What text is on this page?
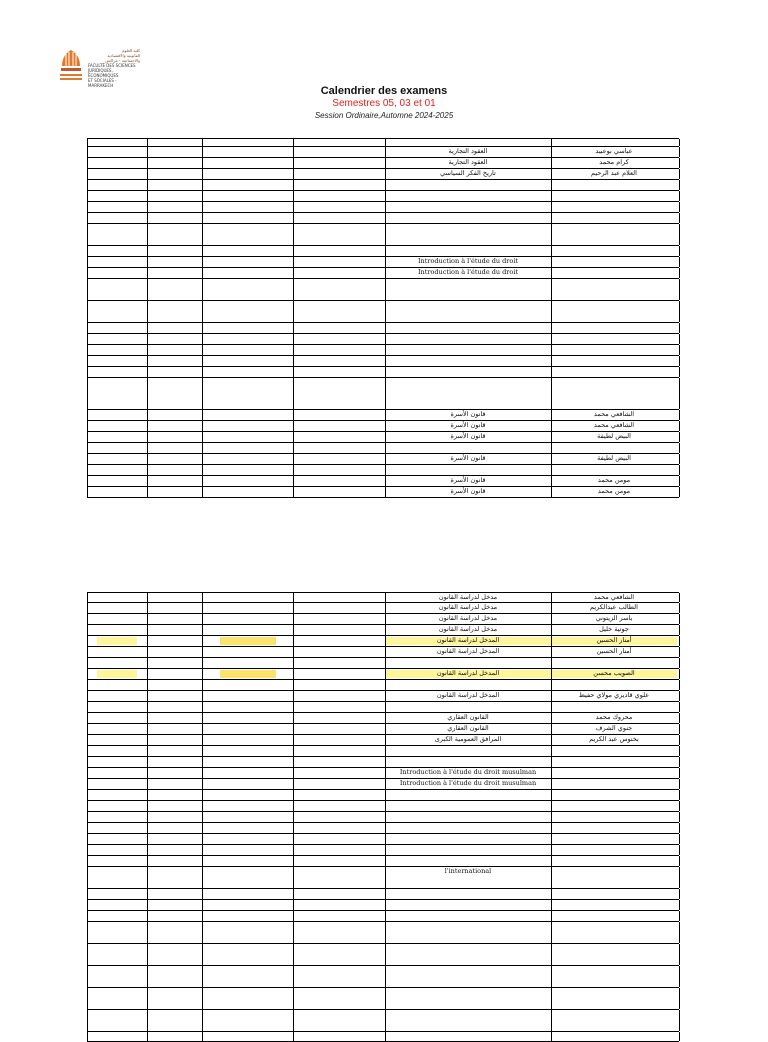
كلية العلوم
القانونية والاقتصادية
والاجتماعية - مراكش
FACULTÉ DES SCIENCES
JURIDIQUES, ÉCONOMIQUES
ET SOCIALES - MARRAKECH	Calendrier des examens
Semestres 05, 03 et 01
Session Ordinaire,Automne 2024-2025
العقود التجارية	عباسي بوعبيد
العقود التجارية	كرام محمد
تاريخ الفكر السياسي	العلام عبد الرحيم
Introduction à l'étude du droit
Introduction à l'étude du droit
قانون الأسرة	الشافعي محمد
قانون الأسرة	الشافعي محمد
قانون الأسرة	البيض لطيفة
قانون الأسرة	البيض لطيفة
قانون الأسرة	مومن محمد
قانون الأسرة	مومن محمد
مدخل لدراسة القانون	الشافعي محمد
مدخل لدراسة القانون	الطالب عبدالكريم
مدخل لدراسة القانون	ياسر الزيتوني
مدخل لدراسة القانون	جوتية خليل
المدخل لدراسة القانون	أمنار الحسين
المدخل لدراسة القانون	أمنار الحسين
المدخل لدراسة القانون	الصويب محسن
المدخل لدراسة القانون	علوي قاديري مولاي حفيظ
القانون العقاري	محروك محمد
القانون العقاري	جنوي الشرف
المرافق العمومية الكبرى	بخنوس عبد الكريم
Introduction à l'étude du droit musulman
Introduction à l'étude du droit musulman
l'international
